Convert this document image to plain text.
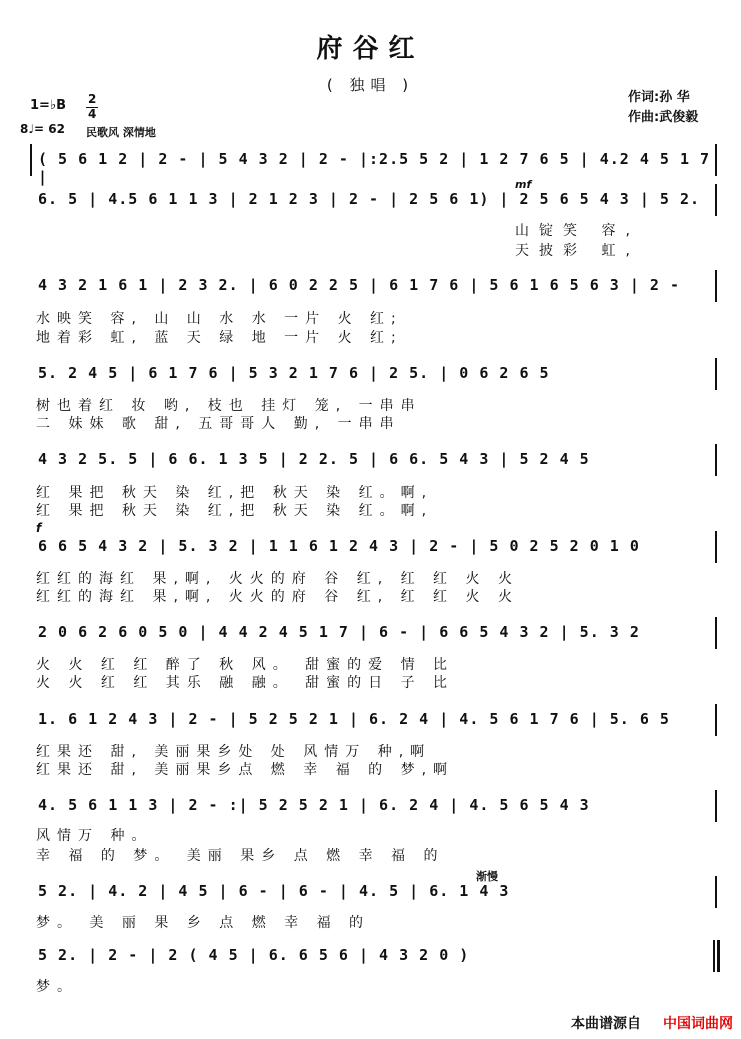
府谷红
( 独唱 )
作词:孙 华
作曲:武俊毅
1=♭B 2
4
8♩= 62 民歌风 深情地
( 5 6 1 2 | 2 - | 5 4 3 2 | 2 - |:2.5 5 2 | 1 2 7 6 5 | 4.2 4 5 1 7 |
6. 5 | 4.5 6 1 1 3 | 2 1 2 3 | 2 - | 2 5 6 1) | 2 5 6 5 4 3 | 5 2.
mf
山锭笑 容,
天披彩 虹,
4 3 2 1 6 1 | 2 3 2. | 6 0 2 2 5 | 6 1 7 6 | 5 6 1 6 5 6 3 | 2 -
水映笑 容, 山 山 水 水 一片 火 红;
地着彩 虹, 蓝 天 绿 地 一片 火 红;
5. 2 4 5 | 6 1 7 6 | 5 3 2 1 7 6 | 2 5. | 0 6 2 6 5
树也着红 妆 哟, 枝也 挂灯 笼, 一串串
二 妹妹 歌 甜, 五哥哥人 勤, 一串串
4 3 2 5. 5 | 6 6. 1 3 5 | 2 2. 5 | 6 6. 5 4 3 | 5 2 4 5
红 果把 秋天 染 红,把 秋天 染 红。啊,
红 果把 秋天 染 红,把 秋天 染 红。啊,
6 6 5 4 3 2 | 5. 3 2 | 1 1 6 1 2 4 3 | 2 - | 5 0 2 5 2 0 1 0
f
红红的海红 果,啊, 火火的府 谷 红, 红 红 火 火
红红的海红 果,啊, 火火的府 谷 红, 红 红 火 火
2 0 6 2 6 0 5 0 | 4 4 2 4 5 1 7 | 6 - | 6 6 5 4 3 2 | 5. 3 2
火 火 红 红 醉了 秋 风。 甜蜜的爱 情 比
火 火 红 红 其乐 融 融。 甜蜜的日 子 比
1. 6 1 2 4 3 | 2 - | 5 2 5 2 1 | 6. 2 4 | 4. 5 6 1 7 6 | 5. 6 5
红果还 甜, 美丽果乡处 处 风情万 种,啊
红果还 甜, 美丽果乡点 燃 幸 福 的 梦,啊
4. 5 6 1 1 3 | 2 - :| 5 2 5 2 1 | 6. 2 4 | 4. 5 6 5 4 3
风情万 种。
幸 福 的 梦。 美丽 果乡 点 燃 幸 福 的
5 2. | 4. 2 | 4 5 | 6 - | 6 - | 4. 5 | 6. 1 4 3
渐慢
梦。 美 丽 果 乡 点 燃 幸 福 的
5 2. | 2 - | 2 ( 4 5 | 6. 6 5 6 | 4 3 2 0 )
梦。
本曲谱源自 中国词曲网
